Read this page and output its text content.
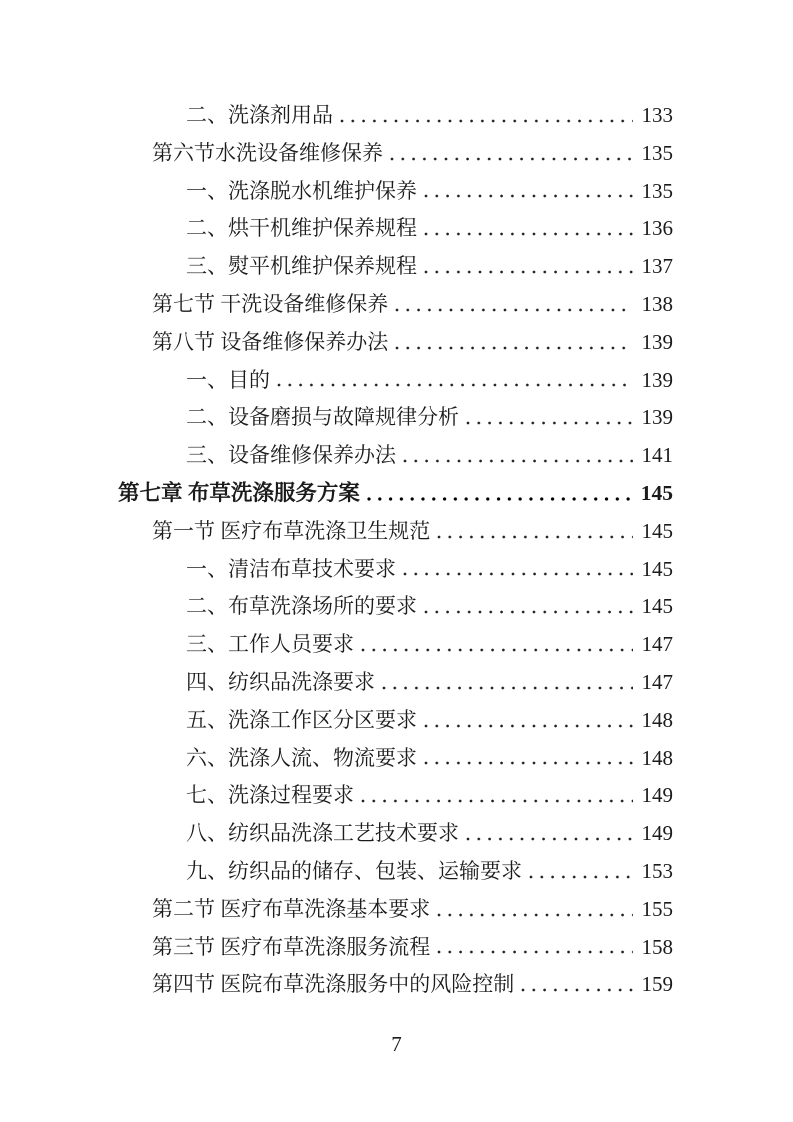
二、洗涤剂用品	133
第六节水洗设备维修保养	135
一、洗涤脱水机维护保养	135
二、烘干机维护保养规程	136
三、熨平机维护保养规程	137
第七节 干洗设备维修保养	138
第八节 设备维修保养办法	139
一、目的	139
二、设备磨损与故障规律分析	139
三、设备维修保养办法	141
第七章 布草洗涤服务方案	145
第一节 医疗布草洗涤卫生规范	145
一、清洁布草技术要求	145
二、布草洗涤场所的要求	145
三、工作人员要求	147
四、纺织品洗涤要求	147
五、洗涤工作区分区要求	148
六、洗涤人流、物流要求	148
七、洗涤过程要求	149
八、纺织品洗涤工艺技术要求	149
九、纺织品的储存、包装、运输要求	153
第二节 医疗布草洗涤基本要求	155
第三节 医疗布草洗涤服务流程	158
第四节 医院布草洗涤服务中的风险控制	159
7
